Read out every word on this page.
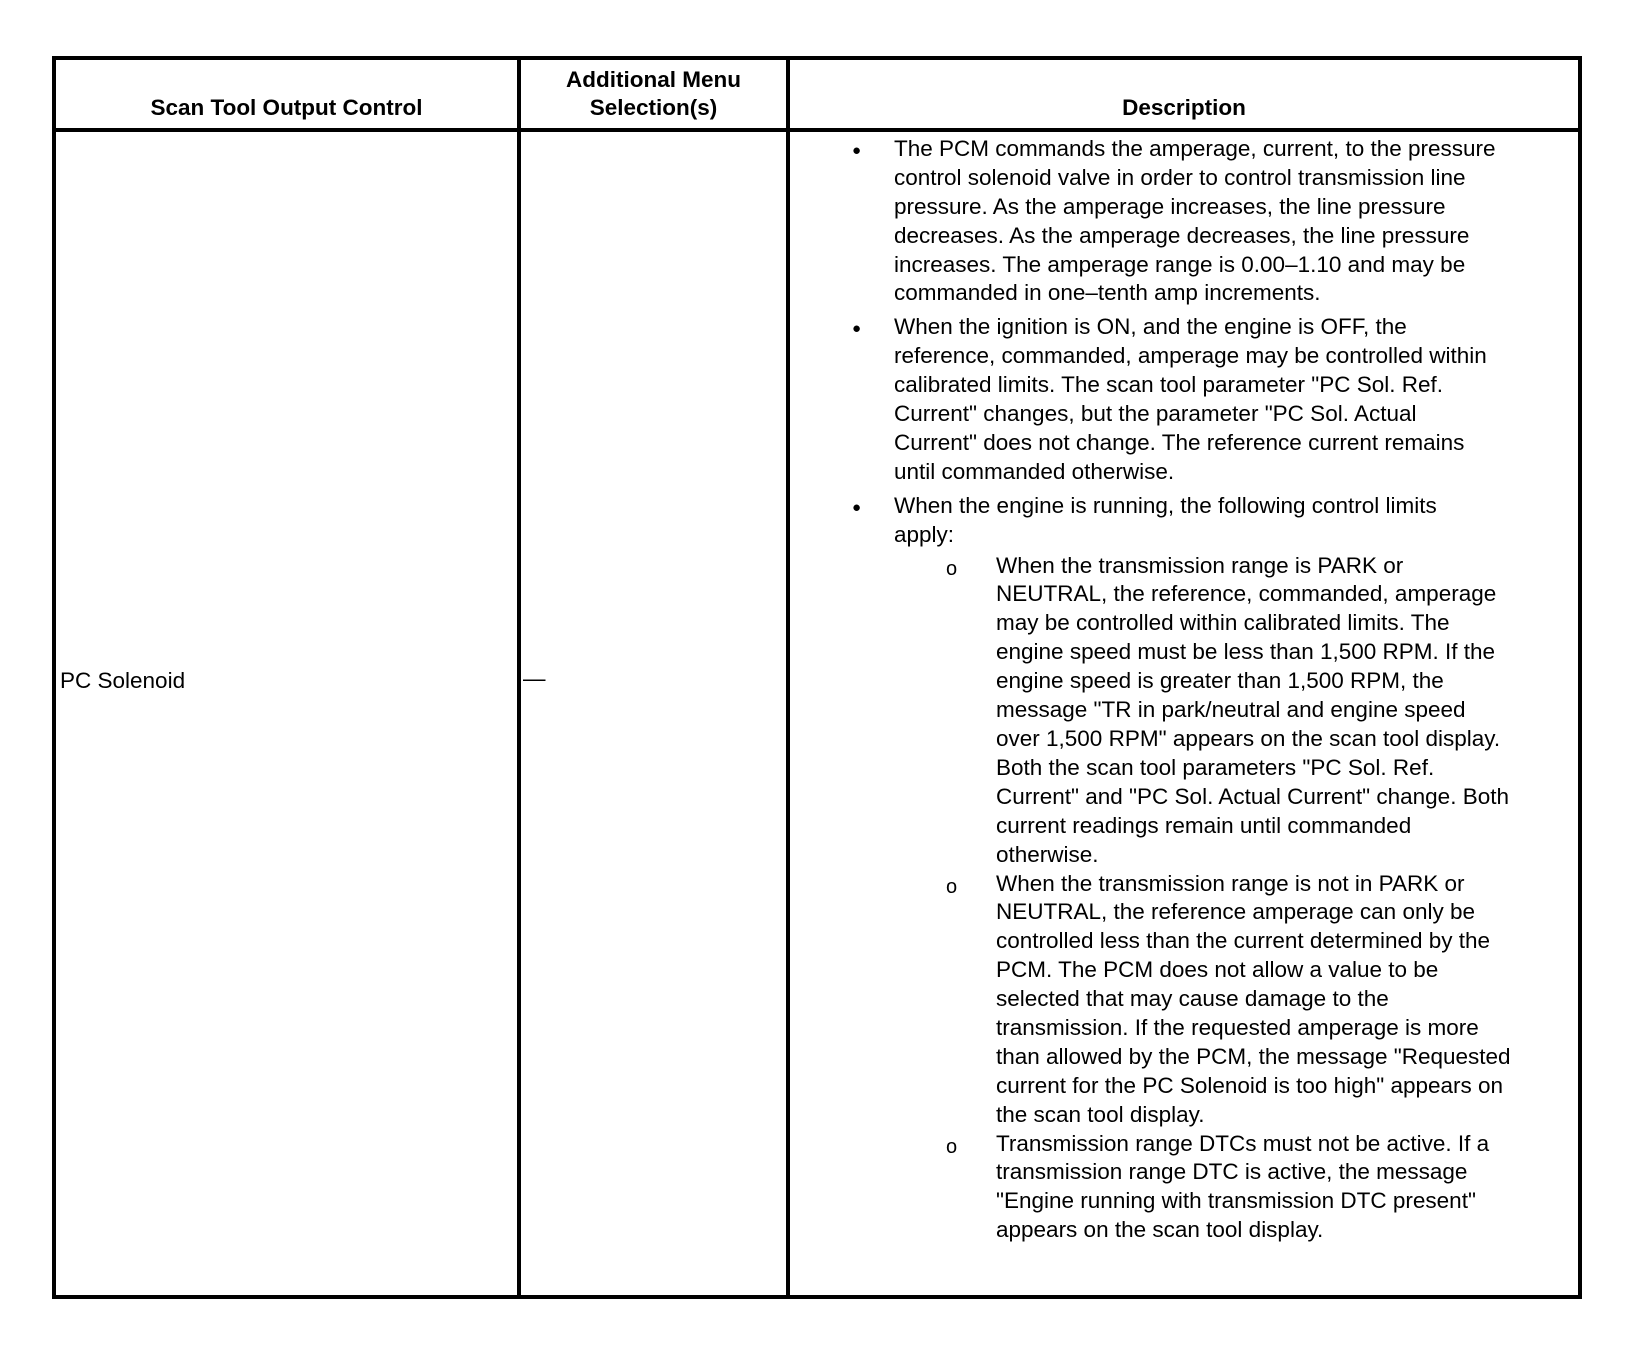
Scan Tool Output Control
Additional Menu
Selection(s)	Description
PC Solenoid	—
● The PCM commands the amperage, current, to the pressure
control solenoid valve in order to control transmission line
pressure. As the amperage increases, the line pressure
decreases. As the amperage decreases, the line pressure
increases. The amperage range is 0.00–1.10 and may be
commanded in one–tenth amp increments.
● When the ignition is ON, and the engine is OFF, the
reference, commanded, amperage may be controlled within
calibrated limits. The scan tool parameter "PC Sol. Ref.
Current" changes, but the parameter "PC Sol. Actual
Current" does not change. The reference current remains
until commanded otherwise.
● When the engine is running, the following control limits
apply:
o When the transmission range is PARK or
NEUTRAL, the reference, commanded, amperage
may be controlled within calibrated limits. The
engine speed must be less than 1,500 RPM. If the
engine speed is greater than 1,500 RPM, the
message "TR in park/neutral and engine speed
over 1,500 RPM" appears on the scan tool display.
Both the scan tool parameters "PC Sol. Ref.
Current" and "PC Sol. Actual Current" change. Both
current readings remain until commanded
otherwise.
o When the transmission range is not in PARK or
NEUTRAL, the reference amperage can only be
controlled less than the current determined by the
PCM. The PCM does not allow a value to be
selected that may cause damage to the
transmission. If the requested amperage is more
than allowed by the PCM, the message "Requested
current for the PC Solenoid is too high" appears on
the scan tool display.
o Transmission range DTCs must not be active. If a
transmission range DTC is active, the message
"Engine running with transmission DTC present"
appears on the scan tool display.
